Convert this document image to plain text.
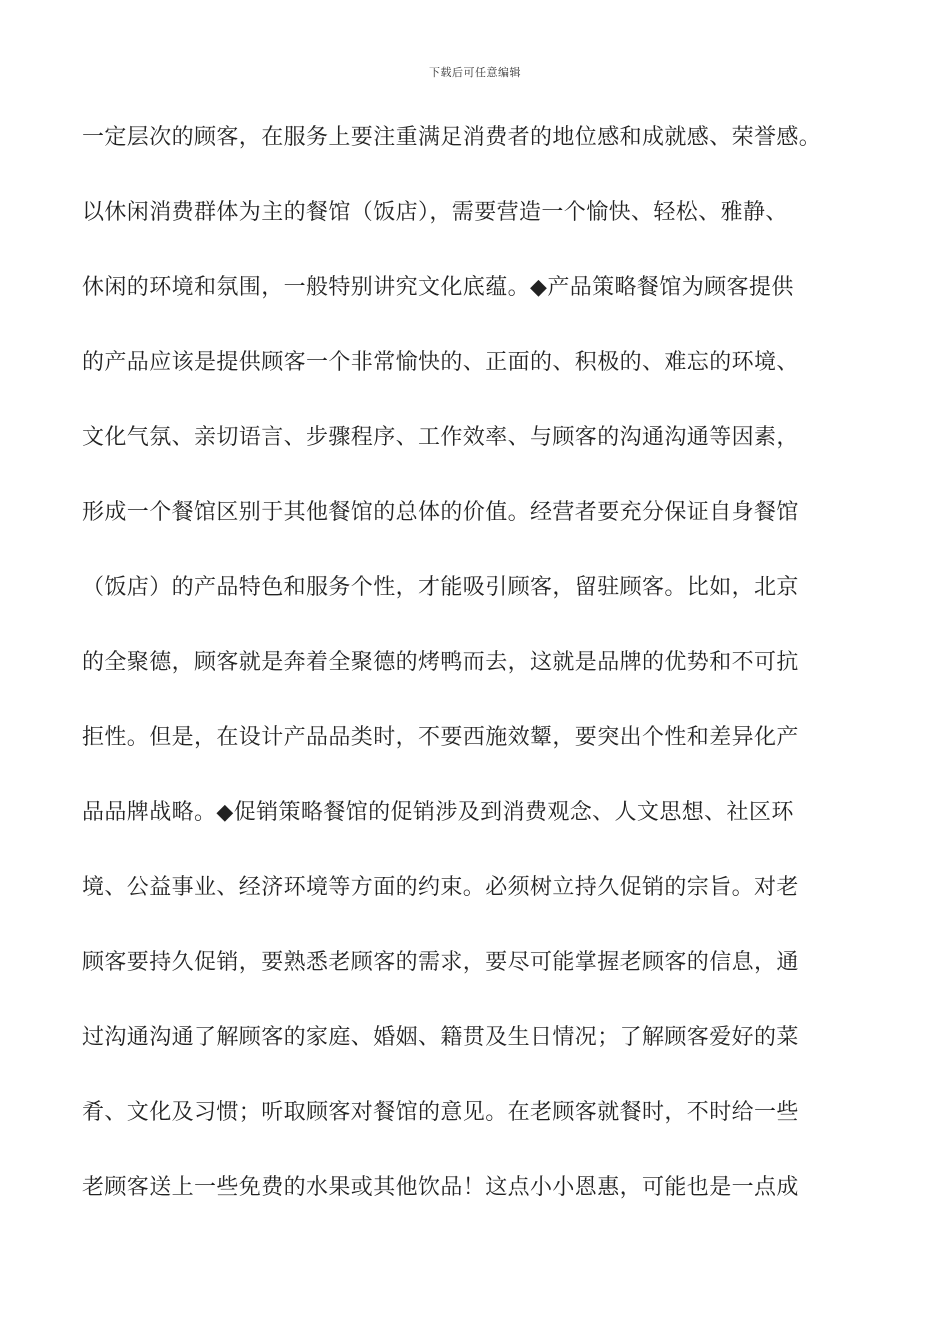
下载后可任意编辑
一定层次的顾客，在服务上要注重满足消费者的地位感和成就感、荣誉感。
以休闲消费群体为主的餐馆（饭店），需要营造一个愉快、轻松、雅静、
休闲的环境和氛围，一般特别讲究文化底蕴。◆产品策略餐馆为顾客提供
的产品应该是提供顾客一个非常愉快的、正面的、积极的、难忘的环境、
文化气氛、亲切语言、步骤程序、工作效率、与顾客的沟通沟通等因素，
形成一个餐馆区别于其他餐馆的总体的价值。经营者要充分保证自身餐馆
（饭店）的产品特色和服务个性，才能吸引顾客，留驻顾客。比如，北京
的全聚德，顾客就是奔着全聚德的烤鸭而去，这就是品牌的优势和不可抗
拒性。但是，在设计产品品类时，不要西施效颦，要突出个性和差异化产
品品牌战略。◆促销策略餐馆的促销涉及到消费观念、人文思想、社区环
境、公益事业、经济环境等方面的约束。必须树立持久促销的宗旨。对老
顾客要持久促销，要熟悉老顾客的需求，要尽可能掌握老顾客的信息，通
过沟通沟通了解顾客的家庭、婚姻、籍贯及生日情况；了解顾客爱好的菜
肴、文化及习惯；听取顾客对餐馆的意见。在老顾客就餐时，不时给一些
老顾客送上一些免费的水果或其他饮品！这点小小恩惠，可能也是一点成
